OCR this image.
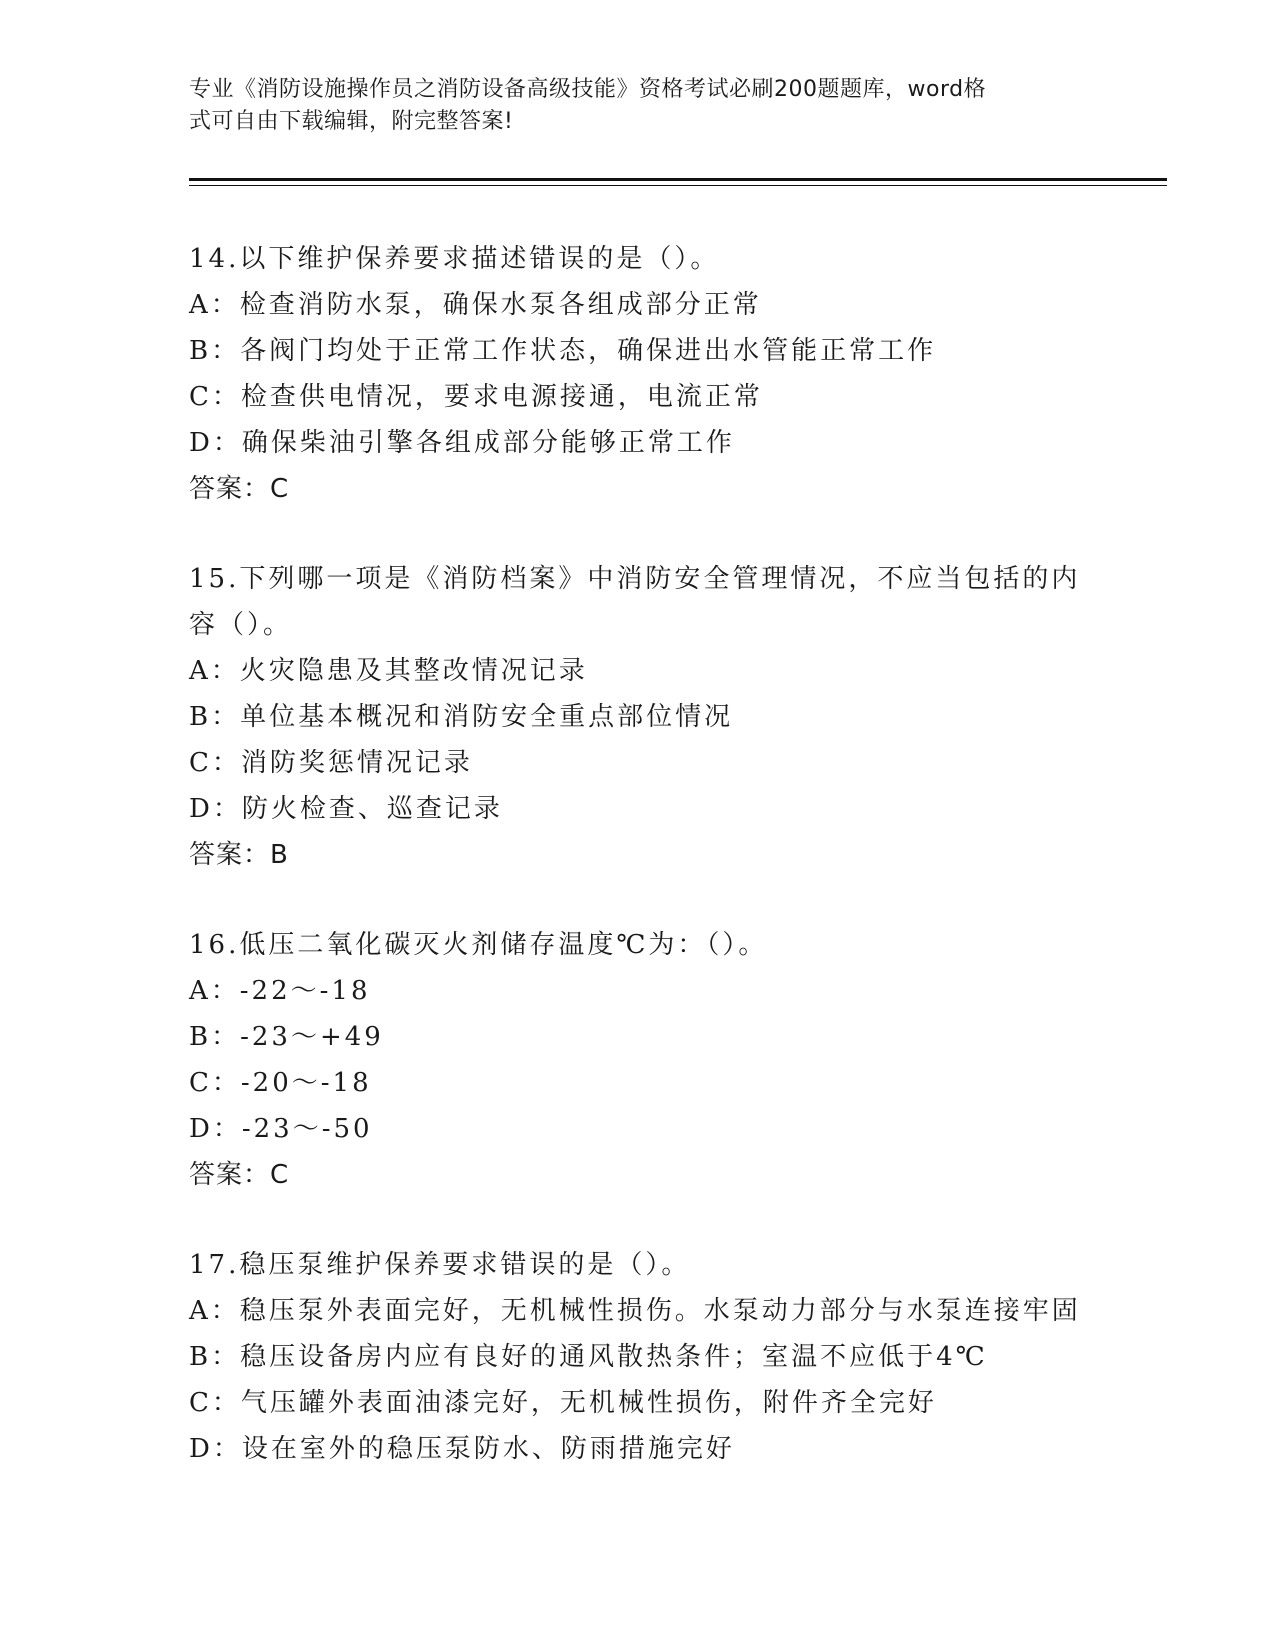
专业《消防设施操作员之消防设备高级技能》资格考试必刷200题题库，word格
式可自由下载编辑，附完整答案!
14.以下维护保养要求描述错误的是（）。
A：检查消防水泵，确保水泵各组成部分正常
B：各阀门均处于正常工作状态，确保进出水管能正常工作
C：检查供电情况，要求电源接通，电流正常
D：确保柴油引擎各组成部分能够正常工作
答案：C
15.下列哪一项是《消防档案》中消防安全管理情况，不应当包括的内
容（）。
A：火灾隐患及其整改情况记录
B：单位基本概况和消防安全重点部位情况
C：消防奖惩情况记录
D：防火检查、巡查记录
答案：B
16.低压二氧化碳灭火剂储存温度℃为：（）。
A：-22～-18
B：-23～+49
C：-20～-18
D：-23～-50
答案：C
17.稳压泵维护保养要求错误的是（）。
A：稳压泵外表面完好，无机械性损伤。水泵动力部分与水泵连接牢固
B：稳压设备房内应有良好的通风散热条件；室温不应低于4℃
C：气压罐外表面油漆完好，无机械性损伤，附件齐全完好
D：设在室外的稳压泵防水、防雨措施完好
